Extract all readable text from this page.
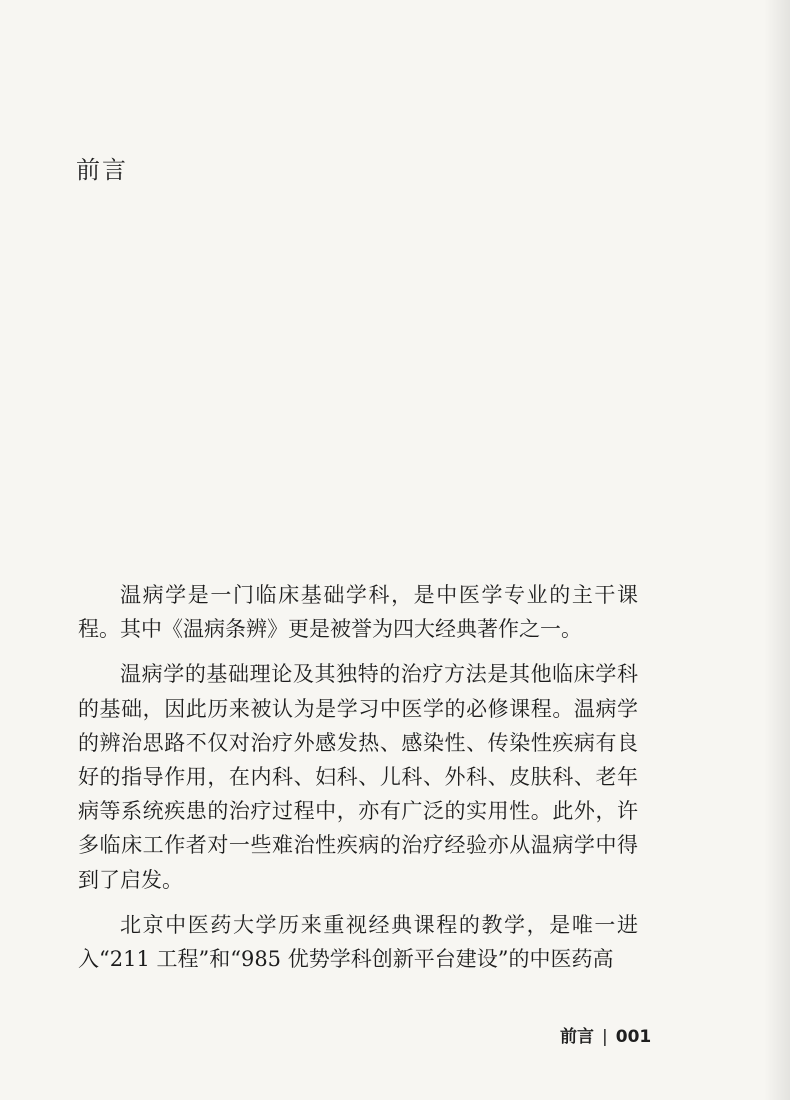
前言

温病学是一门临床基础学科，是中医学专业的主干课程。其中《温病条辨》更是被誉为四大经典著作之一。

温病学的基础理论及其独特的治疗方法是其他临床学科的基础，因此历来被认为是学习中医学的必修课程。温病学的辨治思路不仅对治疗外感发热、感染性、传染性疾病有良好的指导作用，在内科、妇科、儿科、外科、皮肤科、老年病等系统疾患的治疗过程中，亦有广泛的实用性。此外，许多临床工作者对一些难治性疾病的治疗经验亦从温病学中得到了启发。

北京中医药大学历来重视经典课程的教学，是唯一进入“211 工程”和“985 优势学科创新平台建设”的中医药高

前言 | 001
